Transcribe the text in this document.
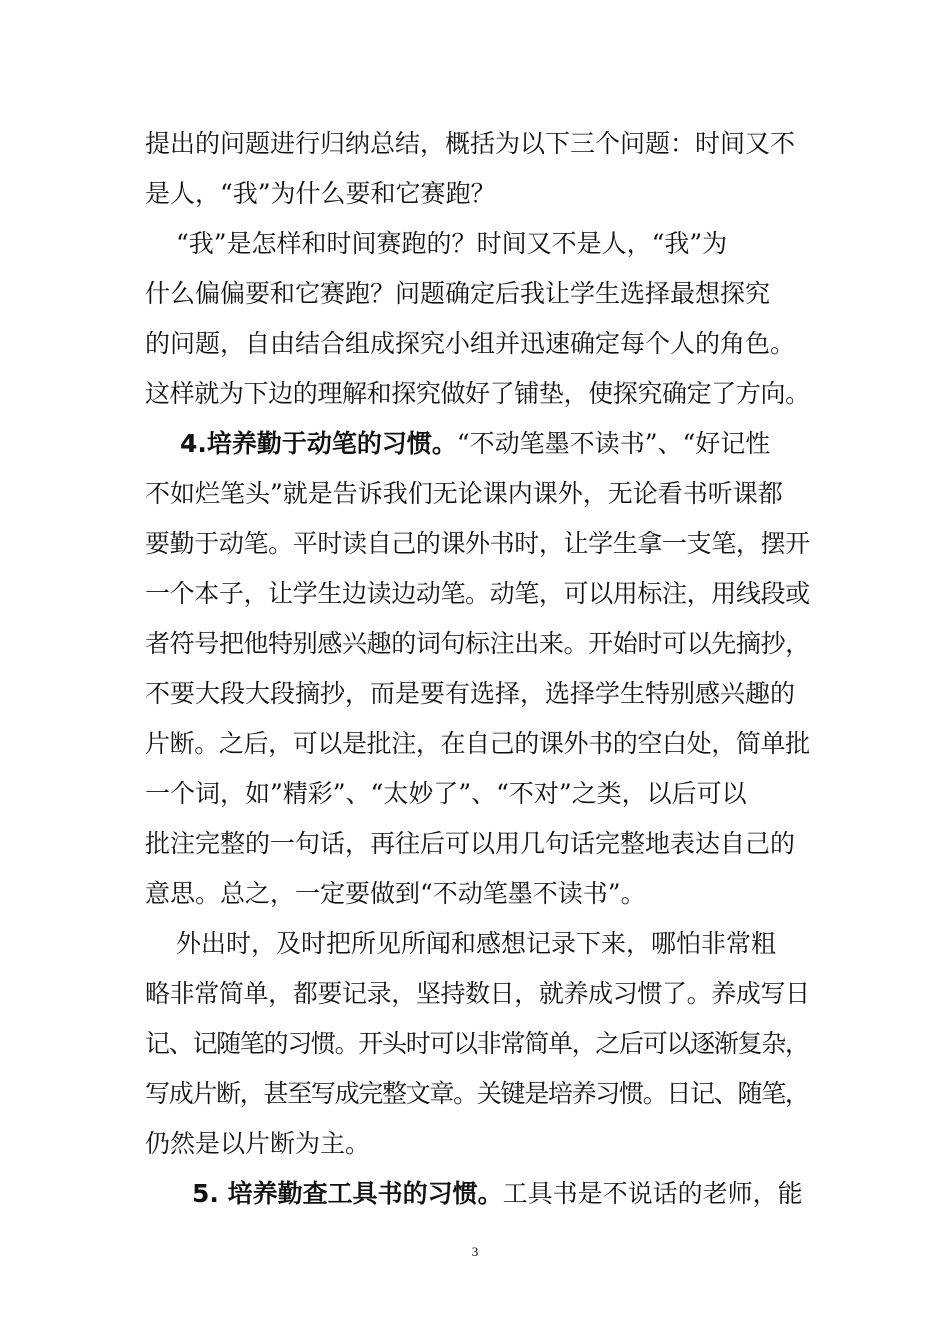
提出的问题进行归纳总结，概括为以下三个问题：时间又不
是人，“我”为什么要和它赛跑？
“我”是怎样和时间赛跑的？时间又不是人，“我”为
什么偏偏要和它赛跑？问题确定后我让学生选择最想探究
的问题，自由结合组成探究小组并迅速确定每个人的角色。
这样就为下边的理解和探究做好了铺垫，使探究确定了方向。
4.培养勤于动笔的习惯。“不动笔墨不读书”、“好记性
不如烂笔头”就是告诉我们无论课内课外，无论看书听课都
要勤于动笔。平时读自己的课外书时，让学生拿一支笔，摆开
一个本子，让学生边读边动笔。动笔，可以用标注，用线段或
者符号把他特别感兴趣的词句标注出来。开始时可以先摘抄，
不要大段大段摘抄，而是要有选择，选择学生特别感兴趣的
片断。之后，可以是批注，在自己的课外书的空白处，简单批
一个词，如”精彩”、“太妙了”、“不对”之类，以后可以
批注完整的一句话，再往后可以用几句话完整地表达自己的
意思。总之，一定要做到“不动笔墨不读书”。
外出时，及时把所见所闻和感想记录下来，哪怕非常粗
略非常简单，都要记录，坚持数日，就养成习惯了。养成写日
记、记随笔的习惯。开头时可以非常简单，之后可以逐渐复杂，
写成片断，甚至写成完整文章。关键是培养习惯。日记、随笔，
仍然是以片断为主。
5. 培养勤查工具书的习惯。工具书是不说话的老师，能
3
